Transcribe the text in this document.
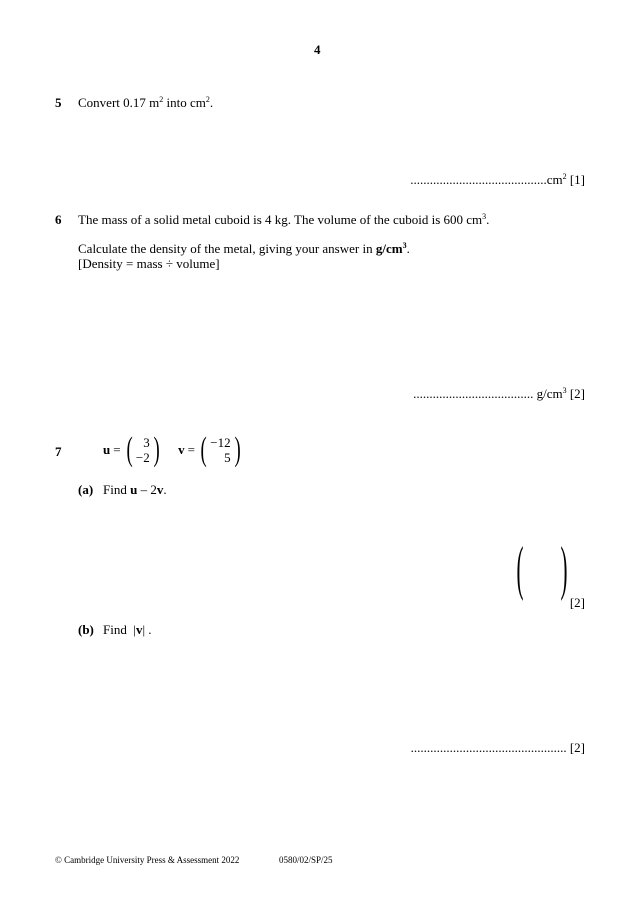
4
5 Convert 0.17 $m^2$ into $cm^2$.
$..........................................cm^2$ [1]
6 The mass of a solid metal cuboid is 4 kg. The volume of the cuboid is 600 $cm^3$.
Calculate the density of the metal, giving your answer in $g/cm^3$.
[Density = mass ÷ volume]
..................................... $g/cm^3$ [2]
7	u = ( 3
−2 ) v = ( −12
5 )
(a) Find u – 2v.
( )
[2]
(b) Find  |v| .
................................................ [2]
© Cambridge University Press & Assessment 2022	0580/02/SP/25
